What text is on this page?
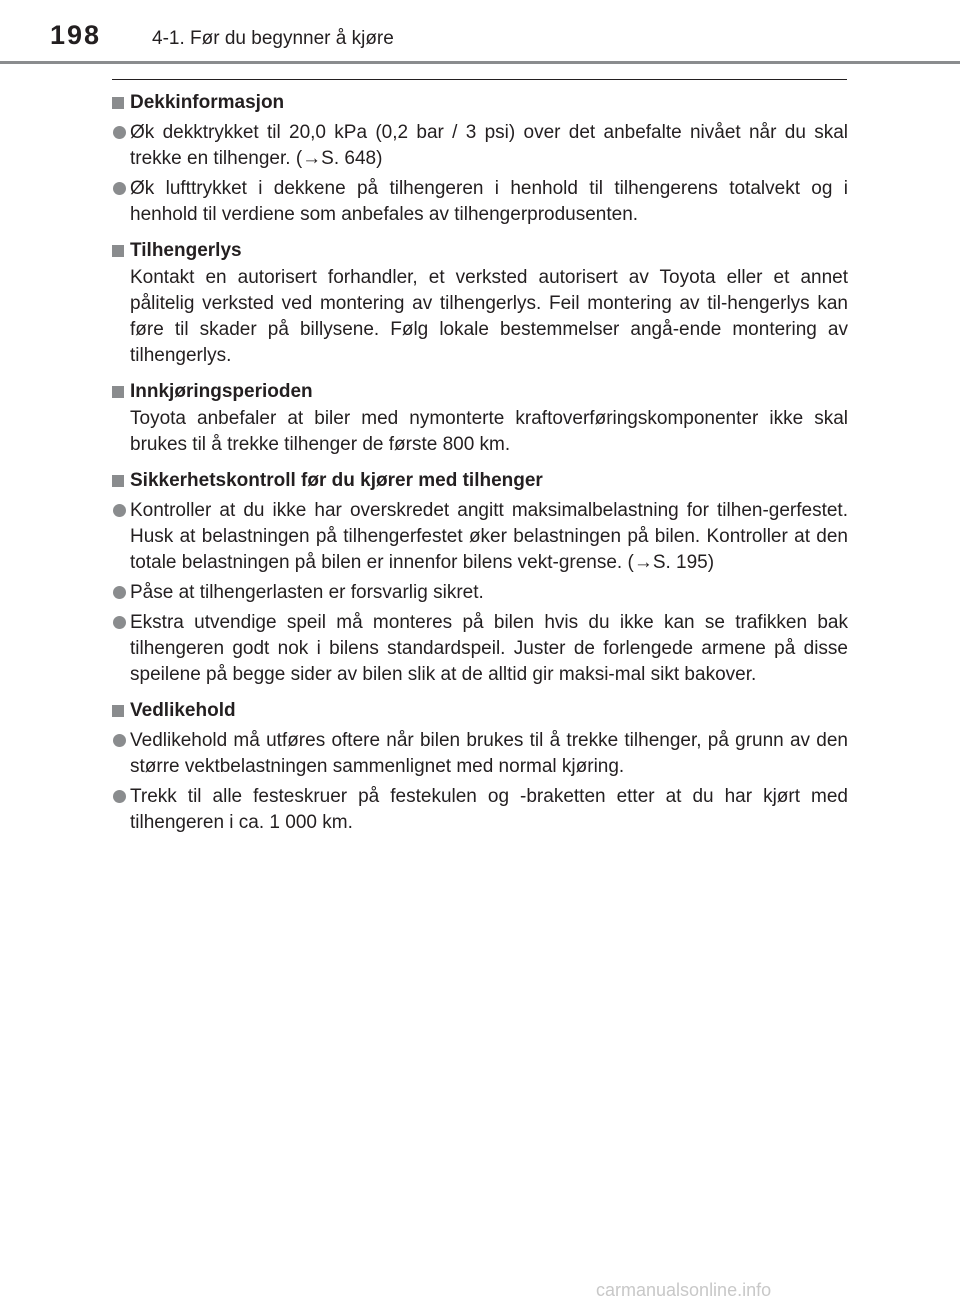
198	4-1. Før du begynner å kjøre
Dekkinformasjon
Øk dekktrykket til 20,0 kPa (0,2 bar / 3 psi) over det anbefalte nivået når du skal trekke en tilhenger. (→S. 648)
Øk lufttrykket i dekkene på tilhengeren i henhold til tilhengerens totalvekt og i henhold til verdiene som anbefales av tilhengerprodusenten.
Tilhengerlys
Kontakt en autorisert forhandler, et verksted autorisert av Toyota eller et annet pålitelig verksted ved montering av tilhengerlys. Feil montering av til-hengerlys kan føre til skader på billysene. Følg lokale bestemmelser angå-ende montering av tilhengerlys.
Innkjøringsperioden
Toyota anbefaler at biler med nymonterte kraftoverføringskomponenter ikke skal brukes til å trekke tilhenger de første 800 km.
Sikkerhetskontroll før du kjører med tilhenger
Kontroller at du ikke har overskredet angitt maksimalbelastning for tilhen-gerfestet. Husk at belastningen på tilhengerfestet øker belastningen på bilen. Kontroller at den totale belastningen på bilen er innenfor bilens vekt-grense. (→S. 195)
Påse at tilhengerlasten er forsvarlig sikret.
Ekstra utvendige speil må monteres på bilen hvis du ikke kan se trafikken bak tilhengeren godt nok i bilens standardspeil. Juster de forlengede armene på disse speilene på begge sider av bilen slik at de alltid gir maksi-mal sikt bakover.
Vedlikehold
Vedlikehold må utføres oftere når bilen brukes til å trekke tilhenger, på grunn av den større vektbelastningen sammenlignet med normal kjøring.
Trekk til alle festeskruer på festekulen og -braketten etter at du har kjørt med tilhengeren i ca. 1 000 km.
carmanualsonline.info
